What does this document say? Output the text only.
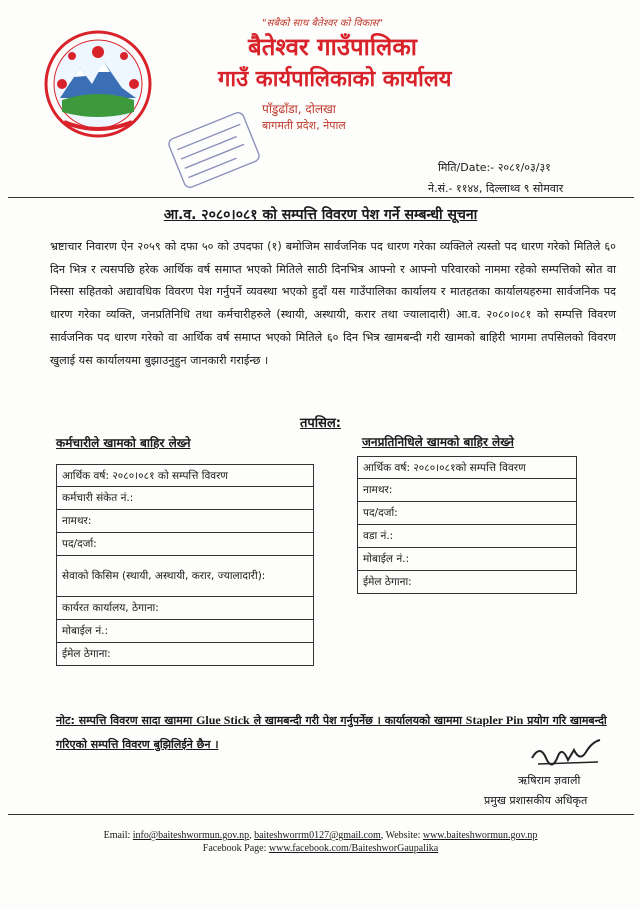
"सबैको साथ बैतेश्वर को विकास"
बैतेश्वर गाउँपालिका
गाउँ कार्यपालिकाको कार्यालय
पाँडुढाँडा, दोलखा
बागमती प्रदेश, नेपाल
मिति/Date:- २०८१/०३/३१
ने.सं.- ११४४, दिल्लाथ्व ९ सोमवार
आ.व. २०८०।०८१ को सम्पत्ति विवरण पेश गर्ने सम्बन्धी सूचना
भ्रष्टाचार निवारण ऐन २०५९ को दफा ५० को उपदफा (१) बमोजिम सार्वजनिक पद धारण गरेका व्यक्तिले त्यस्तो पद धारण गरेको मितिले ६० दिन भित्र र त्यसपछि हरेक आर्थिक वर्ष समाप्त भएको मितिले साठी दिनभित्र आफ्नो र आफ्नो परिवारको नाममा रहेको सम्पत्तिको स्रोत वा निस्सा सहितको अद्यावधिक विवरण पेश गर्नुपर्ने व्यवस्था भएको हुदाँ यस गाउँपालिका कार्यालय र मातहतका कार्यालयहरुमा सार्वजनिक पद धारण गरेका व्यक्ति, जनप्रतिनिधि तथा कर्मचारीहरुले (स्थायी, अस्थायी, करार तथा ज्यालादारी) आ.व. २०८०।०८१ को सम्पत्ति विवरण सार्वजनिक पद धारण गरेको वा आर्थिक वर्ष समाप्त भएको मितिले ६० दिन भित्र खामबन्दी गरी खामको बाहिरी भागमा तपसिलको विवरण खुलाई यस कार्यालयमा बुझाउनुहुन जानकारी गराईन्छ ।
तपसिल:
कर्मचारीले खामको बाहिर लेख्ने	जनप्रतिनिधिले खामको बाहिर लेख्ने
आर्थिक वर्ष: २०८०।०८१ को सम्पत्ति विवरण
कर्मचारी संकेत नं.:
नामथर:
पद/दर्जा:
सेवाको किसिम (स्थायी, अस्थायी, करार, ज्यालादारी):
कार्यरत कार्यालय, ठेगाना:
मोबाईल नं.:
ईमेल ठेगाना:
आर्थिक वर्ष: २०८०।०८१को सम्पत्ति विवरण
नामथर:
पद/दर्जा:
वडा नं.:
मोबाईल नं.:
ईमेल ठेगाना:
नोट: सम्पत्ति विवरण सादा खाममा Glue Stick ले खामबन्दी गरी पेश गर्नुपर्नेछ । कार्यालयको खाममा Stapler Pin प्रयोग गरि खामबन्दी गरिएको सम्पत्ति विवरण बुझिलिईने छैन ।
ऋषिराम ज्ञवाली
प्रमुख प्रशासकीय अधिकृत
Email: info@baiteshwormun.gov.np, baiteshworrm0127@gmail.com, Website: www.baiteshwormun.gov.np
Facebook Page: www.facebook.com/BaiteshworGaupalika
